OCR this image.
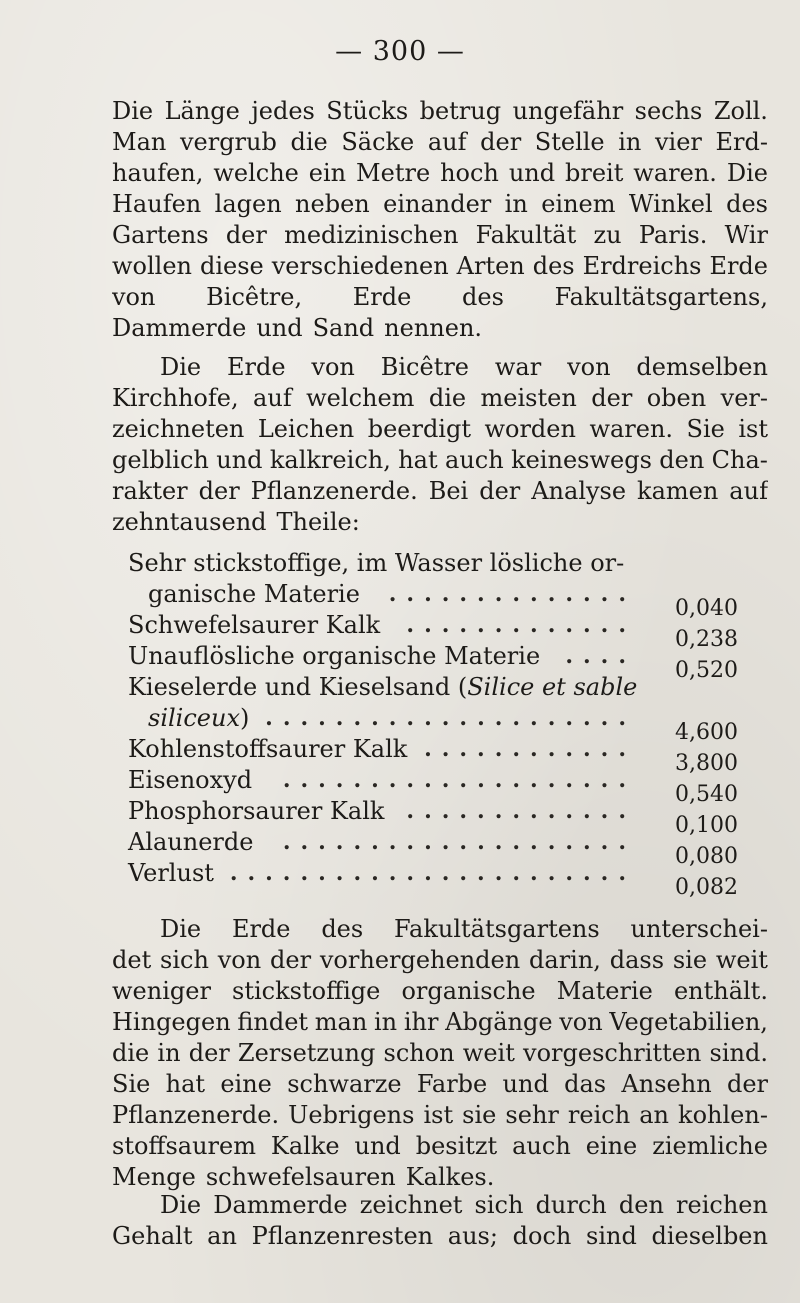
— 300 —
Die Länge jedes Stücks betrug ungefähr sechs Zoll.
Man vergrub die Säcke auf der Stelle in vier Erd-
haufen, welche ein Metre hoch und breit waren. Die
Haufen lagen neben einander in einem Winkel des
Gartens der medizinischen Fakultät zu Paris. Wir
wollen diese verschiedenen Arten des Erdreichs Erde
von Bicêtre, Erde des Fakultätsgartens,
Dammerde und Sand nennen.
Die Erde von Bicêtre war von demselben
Kirchhofe, auf welchem die meisten der oben ver-
zeichneten Leichen beerdigt worden waren. Sie ist
gelblich und kalkreich, hat auch keineswegs den Cha-
rakter der Pflanzenerde. Bei der Analyse kamen auf
zehntausend Theile:
Sehr stickstoffige, im Wasser lösliche or-
ganische Materie ..............
0,040
Schwefelsaurer Kalk .............
0,238
Unauflösliche organische Materie ....
0,520
Kieselerde und Kieselsand (Silice et sable
siliceux) .....................
4,600
Kohlenstoffsaurer Kalk ............
3,800
Eisenoxyd ....................
0,540
Phosphorsaurer Kalk .............
0,100
Alaunerde ....................
0,080
Verlust .......................
0,082
Die Erde des Fakultätsgartens unterschei-
det sich von der vorhergehenden darin, dass sie weit
weniger stickstoffige organische Materie enthält.
Hingegen findet man in ihr Abgänge von Vegetabilien,
die in der Zersetzung schon weit vorgeschritten sind.
Sie hat eine schwarze Farbe und das Ansehn der
Pflanzenerde. Uebrigens ist sie sehr reich an kohlen-
stoffsaurem Kalke und besitzt auch eine ziemliche
Menge schwefelsauren Kalkes.
Die Dammerde zeichnet sich durch den reichen
Gehalt an Pflanzenresten aus; doch sind dieselben
